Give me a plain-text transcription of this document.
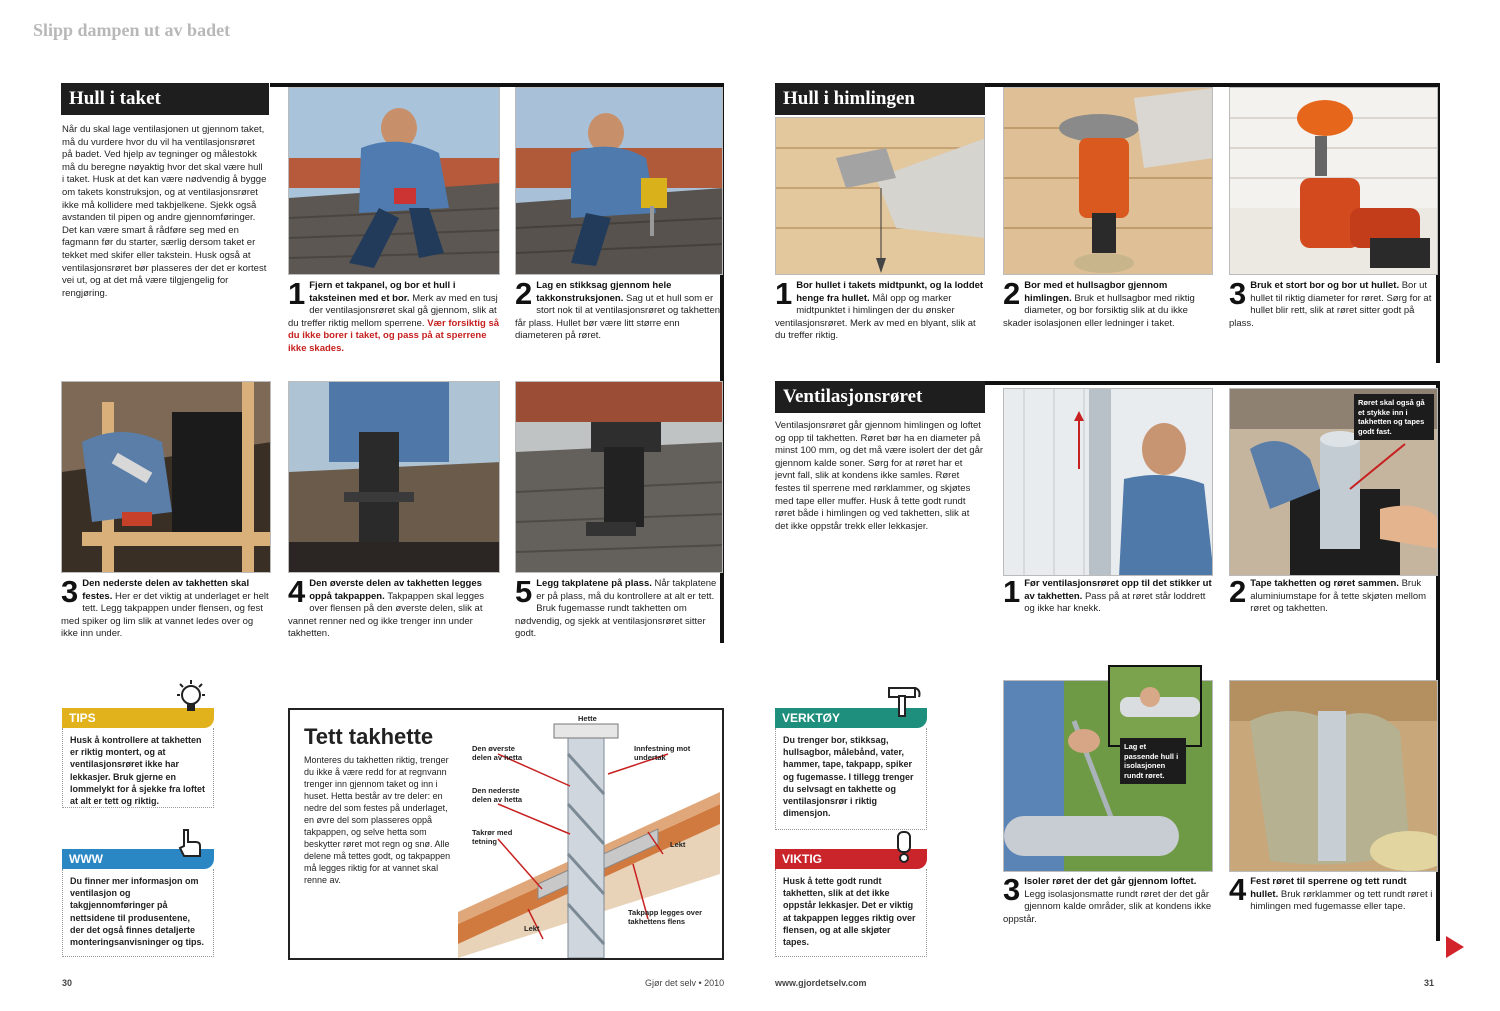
Slipp dampen ut av badet
Hull i taket
Når du skal lage ventilasjonen ut gjennom taket, må du vurdere hvor du vil ha ventilasjonsrøret på badet. Ved hjelp av tegninger og målestokk må du beregne nøyaktig hvor det skal være hull i taket. Husk at det kan være nødvendig å bygge om takets konstruksjon, og at ventilasjonsrøret ikke må kollidere med takbjelkene. Sjekk også avstanden til pipen og andre gjennomføringer. Det kan være smart å rådføre seg med en fagmann før du starter, særlig dersom taket er tekket med skifer eller takstein. Husk også at ventilasjonsrøret bør plasseres der det er kortest vei ut, og at det må være tilgjengelig for rengjøring.	1 Fjern et takpanel, og bor et hull i taksteinen med et bor. Merk av med en tusj der ventilasjonsrøret skal gå gjennom, slik at du treffer riktig mellom sperrene. Vær forsiktig så du ikke borer i taket, og pass på at sperrene ikke skades.
2 Lag en stikksag gjennom hele takkonstruksjonen. Sag ut et hull som er stort nok til at ventilasjonsrøret og takhetten får plass. Hullet bør være litt større enn diameteren på røret.
3 Den nederste delen av takhetten skal festes. Her er det viktig at underlaget er helt tett. Legg takpappen under flensen, og fest med spiker og lim slik at vannet ledes over og ikke inn under.
4 Den øverste delen av takhetten legges oppå takpappen. Takpappen skal legges over flensen på den øverste delen, slik at vannet renner ned og ikke trenger inn under takhetten.
5 Legg takplatene på plass. Når takplatene er på plass, må du kontrollere at alt er tett. Bruk fugemasse rundt takhetten om nødvendig, og sjekk at ventilasjonsrøret sitter godt.
TIPS
Husk å kontrollere at takhetten er riktig montert, og at ventilasjonsrøret ikke har lekkasjer. Bruk gjerne en lommelykt for å sjekke fra loftet at alt er tett og riktig.
WWW
Du finner mer informasjon om ventilasjon og takgjennomføringer på nettsidene til produsentene, der det også finnes detaljerte monteringsanvisninger og tips.
Tett takhette
Monteres du takhetten riktig, trenger du ikke å være redd for at regnvann trenger inn gjennom taket og inn i huset. Hetta består av tre deler: en nedre del som festes på underlaget, en øvre del som plasseres oppå takpappen, og selve hetta som beskytter røret mot regn og snø. Alle delene må tettes godt, og takpappen må legges riktig for at vannet skal renne av.
Hette
Den øverste delen av hetta
Den nederste delen av hetta
Takrør med tetning
Innfestning mot undertak
Lekt
Lekt
Takpapp legges over takhettens flens
Hull i himlingen
1 Bor hullet i takets midtpunkt, og la loddet henge fra hullet. Mål opp og marker midtpunktet i himlingen der du ønsker ventilasjonsrøret. Merk av med en blyant, slik at du treffer riktig.
2 Bor med et hullsagbor gjennom himlingen. Bruk et hullsagbor med riktig diameter, og bor forsiktig slik at du ikke skader isolasjonen eller ledninger i taket.
3 Bruk et stort bor og bor ut hullet. Bor ut hullet til riktig diameter for røret. Sørg for at hullet blir rett, slik at røret sitter godt på plass.
Ventilasjonsrøret
Ventilasjonsrøret går gjennom himlingen og loftet og opp til takhetten. Røret bør ha en diameter på minst 100 mm, og det må være isolert der det går gjennom kalde soner. Sørg for at røret har et jevnt fall, slik at kondens ikke samles. Røret festes til sperrene med rørklammer, og skjøtes med tape eller muffer. Husk å tette godt rundt røret både i himlingen og ved takhetten, slik at det ikke oppstår trekk eller lekkasjer.
Røret skal også gå et stykke inn i takhetten og tapes godt fast.
1 Før ventilasjonsrøret opp til det stikker ut av takhetten. Pass på at røret står loddrett og ikke har knekk.	2 Tape takhetten og røret sammen. Bruk aluminiumstape for å tette skjøten mellom røret og takhetten.
Lag et passende hull i isolasjonen rundt røret.
3 Isoler røret der det går gjennom loftet. Legg isolasjonsmatte rundt røret der det går gjennom kalde områder, slik at kondens ikke oppstår.
4 Fest røret til sperrene og tett rundt hullet. Bruk rørklammer og tett rundt røret i himlingen med fugemasse eller tape.
VERKTØY
Du trenger bor, stikksag, hullsagbor, målebånd, vater, hammer, tape, takpapp, spiker og fugemasse. I tillegg trenger du selvsagt en takhette og ventilasjonsrør i riktig dimensjon.
VIKTIG
Husk å tette godt rundt takhetten, slik at det ikke oppstår lekkasjer. Det er viktig at takpappen legges riktig over flensen, og at alle skjøter tapes.
30	Gjør det selv • 2010	www.gjordetselv.com	31
